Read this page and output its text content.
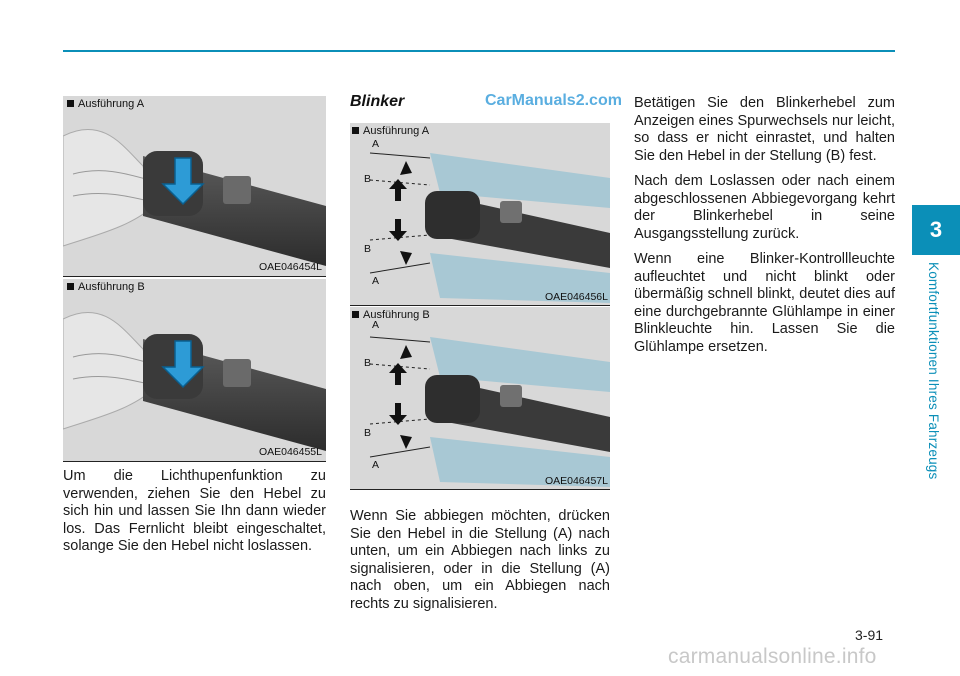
3
Komfortfunktionen Ihres Fahrzeugs
3-91
carmanualsonline.info
CarManuals2.com
Ausführung A
OAE046454L
Ausführung B
OAE046455L
Um die Lichthupenfunktion zu verwenden, ziehen Sie den Hebel zu sich hin und lassen Sie Ihn dann wieder los. Das Fernlicht bleibt eingeschaltet, solange Sie den Hebel nicht loslassen.
Blinker
Ausführung A
A
B
B
A
OAE046456L
Ausführung B
A
B
B
A
OAE046457L
Wenn Sie abbiegen möchten, drücken Sie den Hebel in die Stellung (A) nach unten, um ein Abbiegen nach links zu signalisieren, oder in die Stellung (A) nach oben, um ein Abbiegen nach rechts zu signalisieren.

Betätigen Sie den Blinkerhebel zum Anzeigen eines Spurwechsels nur leicht, so dass er nicht einrastet, und halten Sie den Hebel in der Stellung (B) fest.

Nach dem Loslassen oder nach einem abgeschlossenen Abbiegevorgang kehrt der Blinkerhebel in seine Ausgangsstellung zurück.

Wenn eine Blinker-Kontrollleuchte aufleuchtet und nicht blinkt oder übermäßig schnell blinkt, deutet dies auf eine durchgebrannte Glühlampe in einer Blinkleuchte hin. Lassen Sie die Glühlampe ersetzen.
